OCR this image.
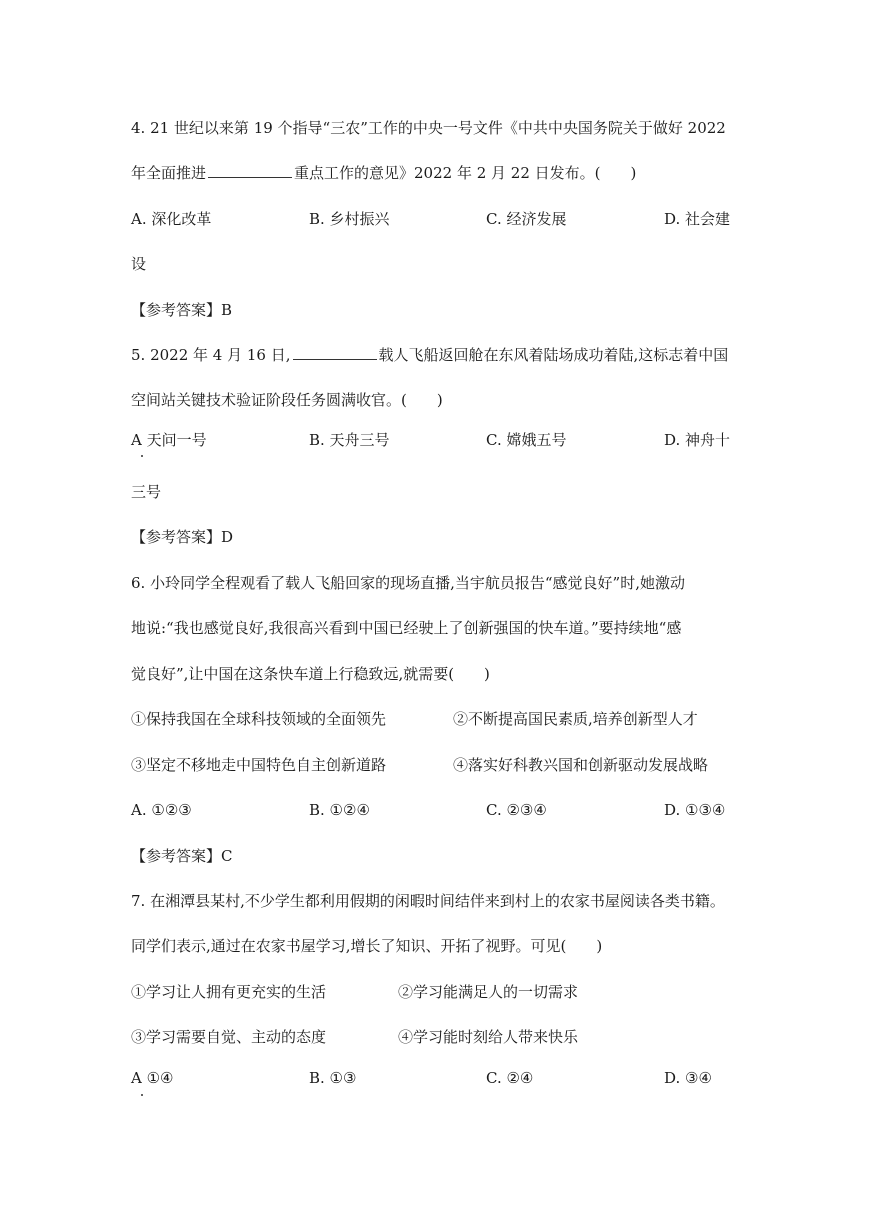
4. 21 世纪以来第 19 个指导“三农”工作的中央一号文件《中共中央国务院关于做好 2022
年全面推进	重点工作的意见》2022 年 2 月 22 日发布。(　　)
A. 深化改革	B. 乡村振兴	C. 经济发展	D. 社会建
设
【参考答案】B
5. 2022 年 4 月 16 日,	载人飞船返回舱在东风着陆场成功着陆,这标志着中国
空间站关键技术验证阶段任务圆满收官。(　　)
A 天问一号	B. 天舟三号	C. 嫦娥五号	D. 神舟十
三号
【参考答案】D
6. 小玲同学全程观看了载人飞船回家的现场直播,当宇航员报告“感觉良好”时,她激动
地说:“我也感觉良好,我很高兴看到中国已经驶上了创新强国的快车道。”要持续地“感
觉良好”,让中国在这条快车道上行稳致远,就需要(　　)
①保持我国在全球科技领域的全面领先	②不断提高国民素质,培养创新型人才
③坚定不移地走中国特色自主创新道路	④落实好科教兴国和创新驱动发展战略
A. ①②③	B. ①②④	C. ②③④	D. ①③④
【参考答案】C
7. 在湘潭县某村,不少学生都利用假期的闲暇时间结伴来到村上的农家书屋阅读各类书籍。
同学们表示,通过在农家书屋学习,增长了知识、开拓了视野。可见(　　)
①学习让人拥有更充实的生活	②学习能满足人的一切需求
③学习需要自觉、主动的态度	④学习能时刻给人带来快乐
A ①④	B. ①③	C. ②④	D. ③④
